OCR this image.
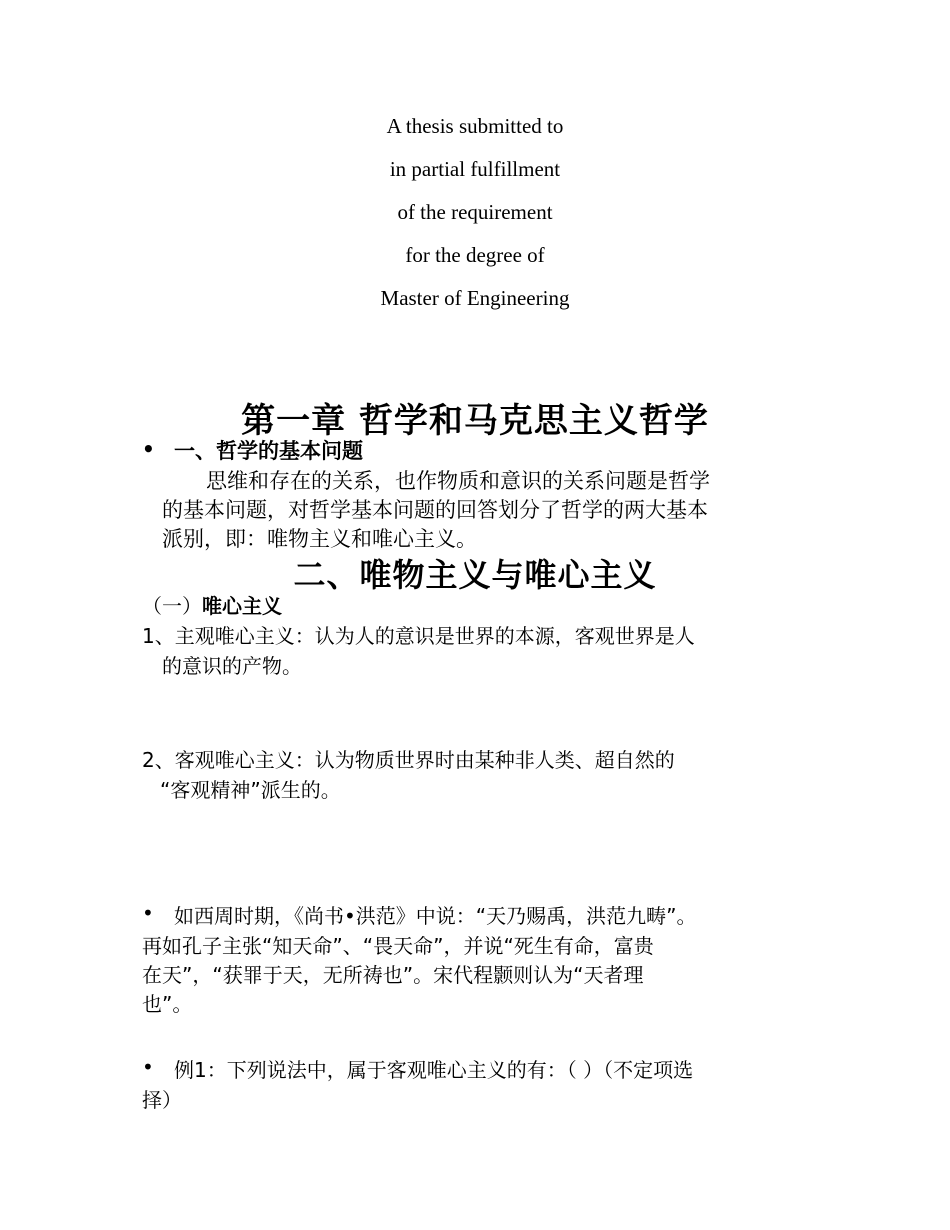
A thesis submitted to
in partial fulfillment
of the requirement
for the degree of
Master of Engineering
第一章 哲学和马克思主义哲学
• 一、哲学的基本问题
思维和存在的关系，也作物质和意识的关系问题是哲学
的基本问题，对哲学基本问题的回答划分了哲学的两大基本
派别，即：唯物主义和唯心主义。
二、唯物主义与唯心主义
（一）唯心主义
1、主观唯心主义：认为人的意识是世界的本源，客观世界是人
的意识的产物。
2、客观唯心主义：认为物质世界时由某种非人类、超自然的
“客观精神”派生的。
• 如西周时期，《尚书•洪范》中说：“天乃赐禹，洪范九畴”。
再如孔子主张“知天命”、“畏天命”，并说“死生有命，富贵
在天”，“获罪于天，无所祷也”。宋代程颢则认为“天者理
也”。
• 例1：下列说法中，属于客观唯心主义的有：（ ）（不定项选
择）
